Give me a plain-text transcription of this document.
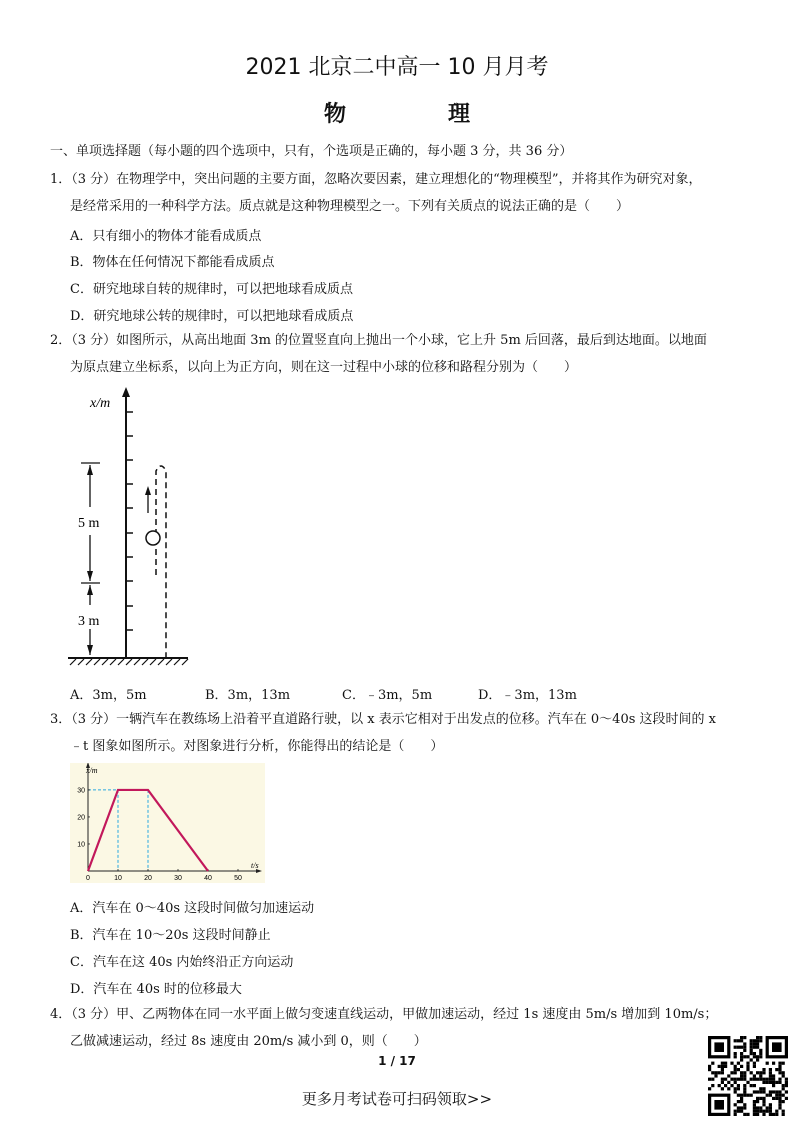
2021 北京二中高一 10 月月考
物　理
一、单项选择题（每小题的四个选项中，只有，个选项是正确的，每小题 3 分，共 36 分）
1．（3 分）在物理学中，突出问题的主要方面，忽略次要因素，建立理想化的“物理模型”，并将其作为研究对象，
是经常采用的一种科学方法。质点就是这种物理模型之一。下列有关质点的说法正确的是（　　）
A．只有细小的物体才能看成质点
B．物体在任何情况下都能看成质点
C．研究地球自转的规律时，可以把地球看成质点
D．研究地球公转的规律时，可以把地球看成质点
2．（3 分）如图所示，从高出地面 3m 的位置竖直向上抛出一个小球，它上升 5m 后回落，最后到达地面。以地面
为原点建立坐标系，以向上为正方向，则在这一过程中小球的位移和路程分别为（　　）
x/m
5 m
3 m
A．3m，5m	B．3m，13m	C．﹣3m，5m	D．﹣3m，13m
3．（3 分）一辆汽车在教练场上沿着平直道路行驶，以 x 表示它相对于出发点的位移。汽车在 0～40s 这段时间的 x
﹣t 图象如图所示。对图象进行分析，你能得出的结论是（　　）
0	10	20	30	40	50
10
20
30
x/m
t/s
A．汽车在 0～40s 这段时间做匀加速运动
B．汽车在 10～20s 这段时间静止
C．汽车在这 40s 内始终沿正方向运动
D．汽车在 40s 时的位移最大
4．（3 分）甲、乙两物体在同一水平面上做匀变速直线运动，甲做加速运动，经过 1s 速度由 5m/s 增加到 10m/s；
乙做减速运动，经过 8s 速度由 20m/s 减小到 0，则（　　）
1 / 17
更多月考试卷可扫码领取>>
